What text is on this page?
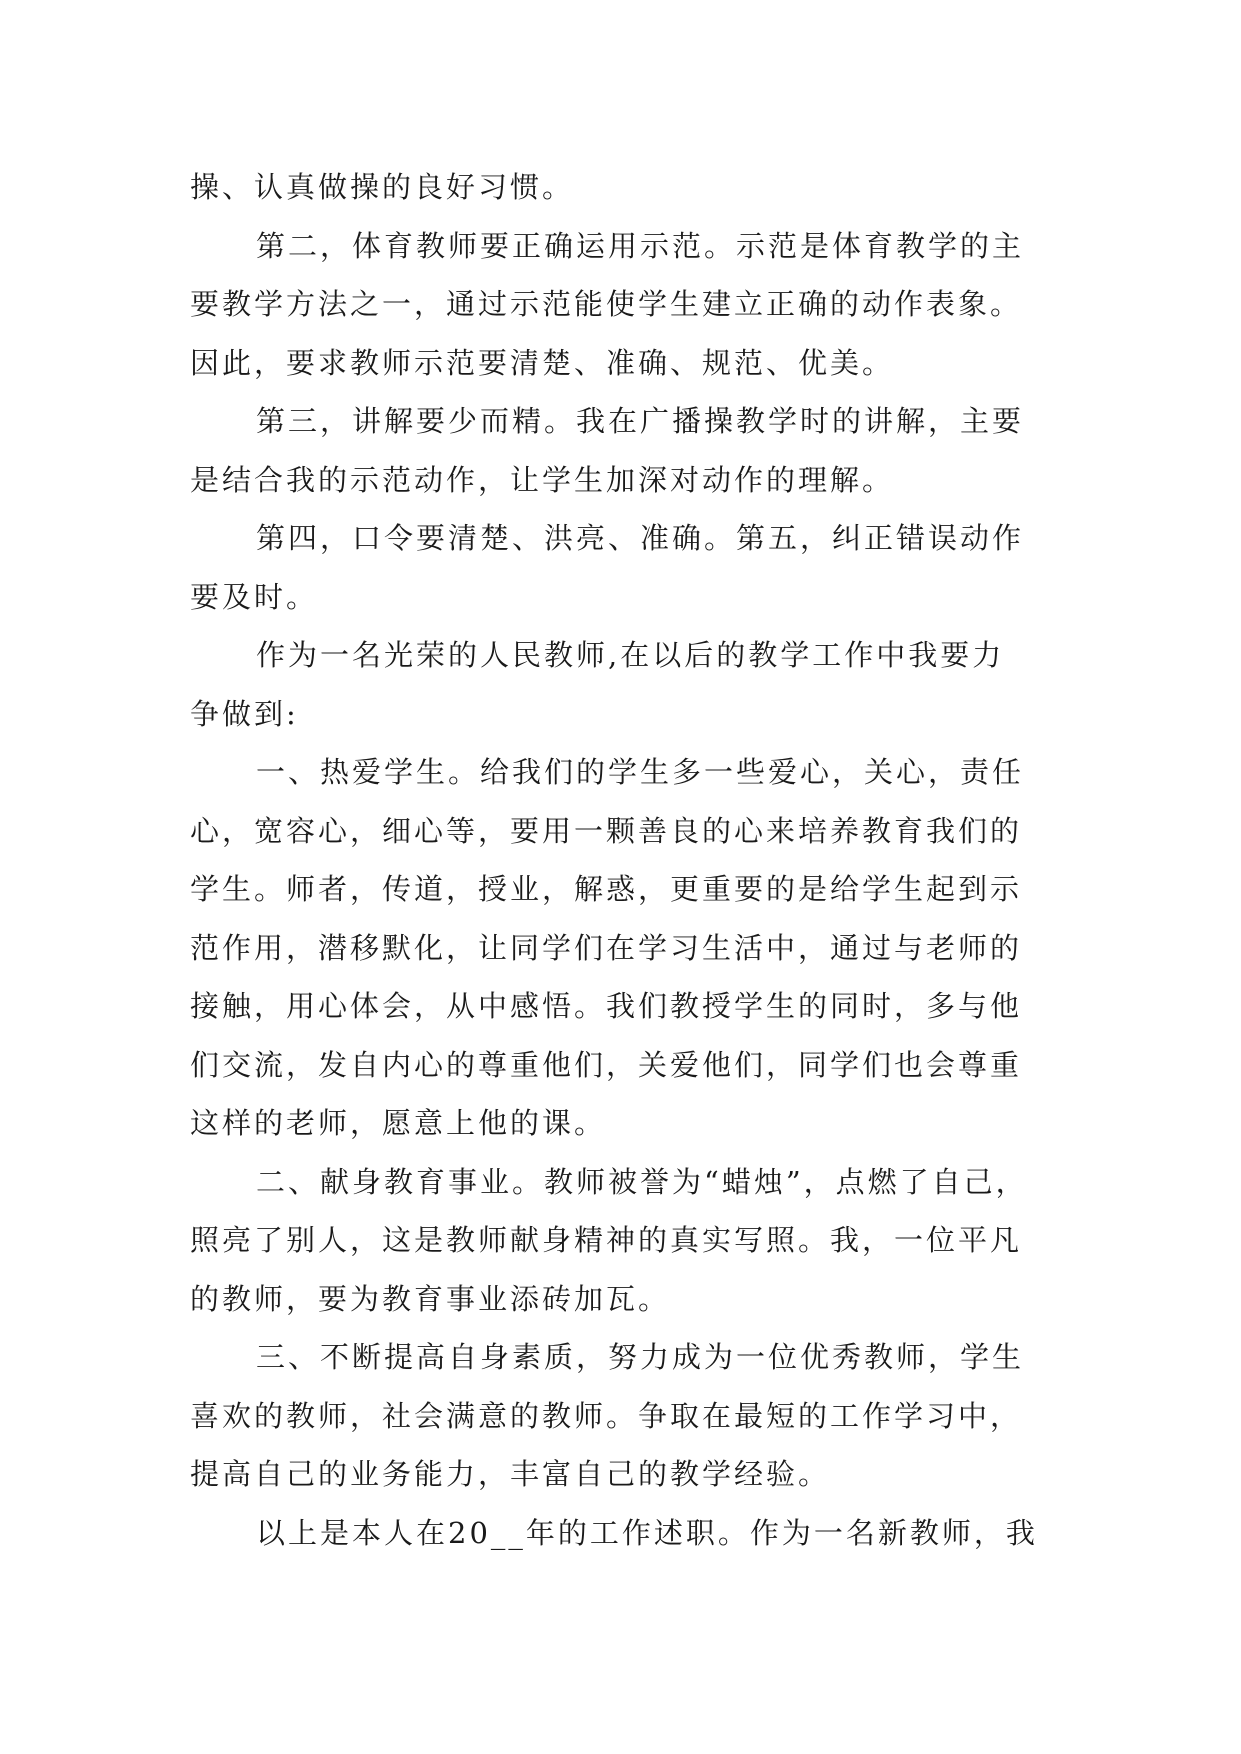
操、认真做操的良好习惯。
第二，体育教师要正确运用示范。示范是体育教学的主
要教学方法之一，通过示范能使学生建立正确的动作表象。
因此，要求教师示范要清楚、准确、规范、优美。
第三，讲解要少而精。我在广播操教学时的讲解，主要
是结合我的示范动作，让学生加深对动作的理解。
第四，口令要清楚、洪亮、准确。第五，纠正错误动作
要及时。
作为一名光荣的人民教师,在以后的教学工作中我要力
争做到:
一、热爱学生。给我们的学生多一些爱心，关心，责任
心，宽容心，细心等，要用一颗善良的心来培养教育我们的
学生。师者，传道，授业，解惑，更重要的是给学生起到示
范作用，潜移默化，让同学们在学习生活中，通过与老师的
接触，用心体会，从中感悟。我们教授学生的同时，多与他
们交流，发自内心的尊重他们，关爱他们，同学们也会尊重
这样的老师，愿意上他的课。
二、献身教育事业。教师被誉为“蜡烛”，点燃了自己，
照亮了别人，这是教师献身精神的真实写照。我，一位平凡
的教师，要为教育事业添砖加瓦。
三、不断提高自身素质，努力成为一位优秀教师，学生
喜欢的教师，社会满意的教师。争取在最短的工作学习中，
提高自己的业务能力，丰富自己的教学经验。
以上是本人在20__年的工作述职。作为一名新教师，我
